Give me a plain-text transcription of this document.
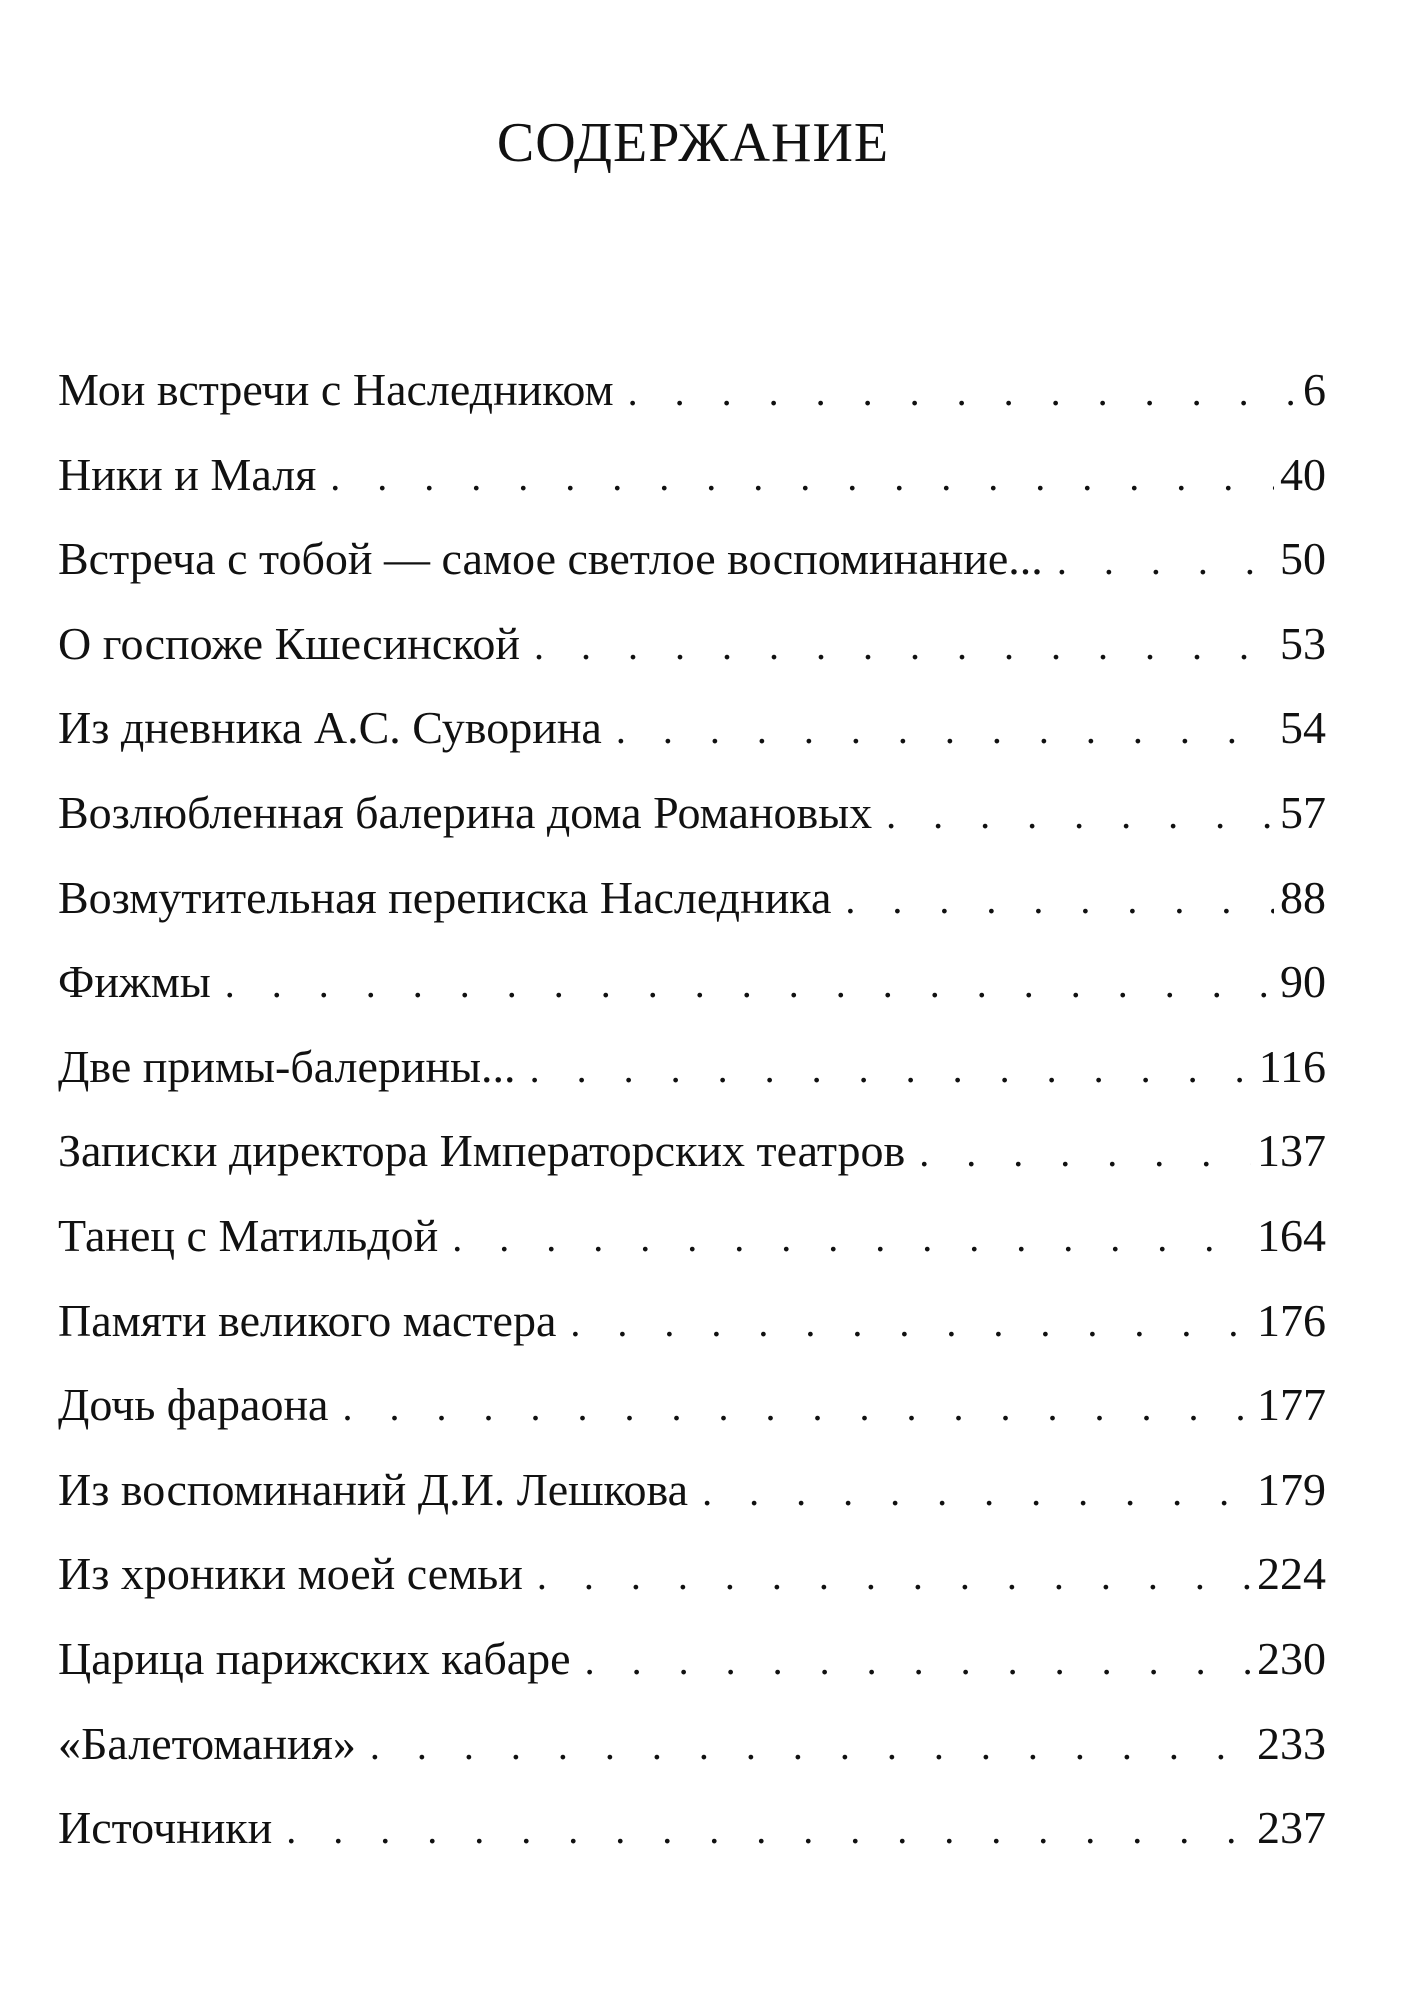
СОДЕРЖАНИЕ
Мои встречи с Наследником . . .	6
Ники и Маля . . .	40
Встреча с тобой — самое светлое воспоминание... . . .	50
О госпоже Кшесинской . . .	53
Из дневника А.С. Суворина . . .	54
Возлюбленная балерина дома Романовых . . .	57
Возмутительная переписка Наследника . . .	88
Фижмы . . .	90
Две примы-балерины... . . .	116
Записки директора Императорских театров . . .	137
Танец с Матильдой . . .	164
Памяти великого мастера . . .	176
Дочь фараона . . .	177
Из воспоминаний Д.И. Лешкова . . .	179
Из хроники моей семьи . . .	224
Царица парижских кабаре . . .	230
«Балетомания» . . .	233
Источники . . .	237
